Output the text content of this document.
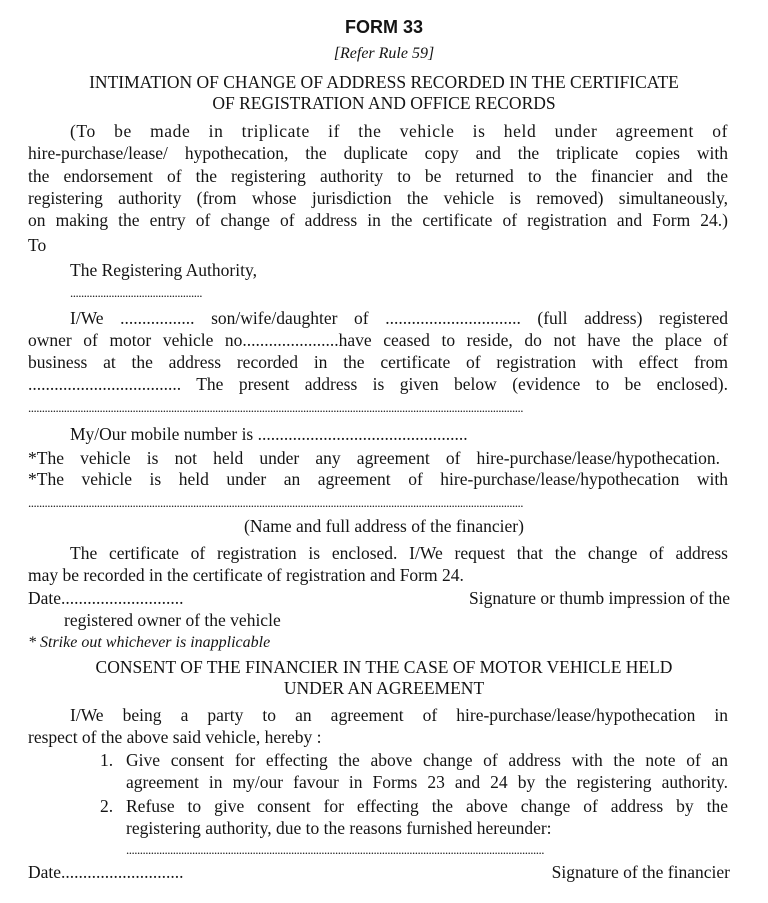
FORM 33
[Refer Rule 59]
INTIMATION OF CHANGE OF ADDRESS RECORDED IN THE CERTIFICATE
OF REGISTRATION AND OFFICE RECORDS
(To be made in triplicate if the vehicle is held under agreement of
hire-purchase/lease/ hypothecation, the duplicate copy and the triplicate copies with
the endorsement of the registering authority to be returned to the financier and the
registering authority (from whose jurisdiction the vehicle is removed) simultaneously,
on making the entry of change of address in the certificate of registration and Form 24.)
To
The Registering Authority,
................................................
I/We ................. son/wife/daughter of ............................... (full address) registered
owner of motor vehicle no......................have ceased to reside, do not have the place of
business at the address recorded in the certificate of registration with effect from
................................... The present address is given below (evidence to be enclosed).
....................................................................................................................................................................................
My/Our mobile number is ................................................
*The vehicle is not held under any agreement of hire-purchase/lease/hypothecation.
*The vehicle is held under an agreement of hire-purchase/lease/hypothecation with
....................................................................................................................................................................................
(Name and full address of the financier)
The certificate of registration is enclosed. I/We request that the change of address
may be recorded in the certificate of registration and Form 24.
Date............................	Signature or thumb impression of the
registered owner of the vehicle
* Strike out whichever is inapplicable
CONSENT OF THE FINANCIER IN THE CASE OF MOTOR VEHICLE HELD
UNDER AN AGREEMENT
I/We being a party to an agreement of hire-purchase/lease/hypothecation in
respect of the above said vehicle, hereby :
1. Give consent for effecting the above change of address with the note of an
agreement in my/our favour in Forms 23 and 24 by the registering authority.
2. Refuse to give consent for effecting the above change of address by the
registering authority, due to the reasons furnished hereunder:
........................................................................................................................................................
Date............................	Signature of the financier
